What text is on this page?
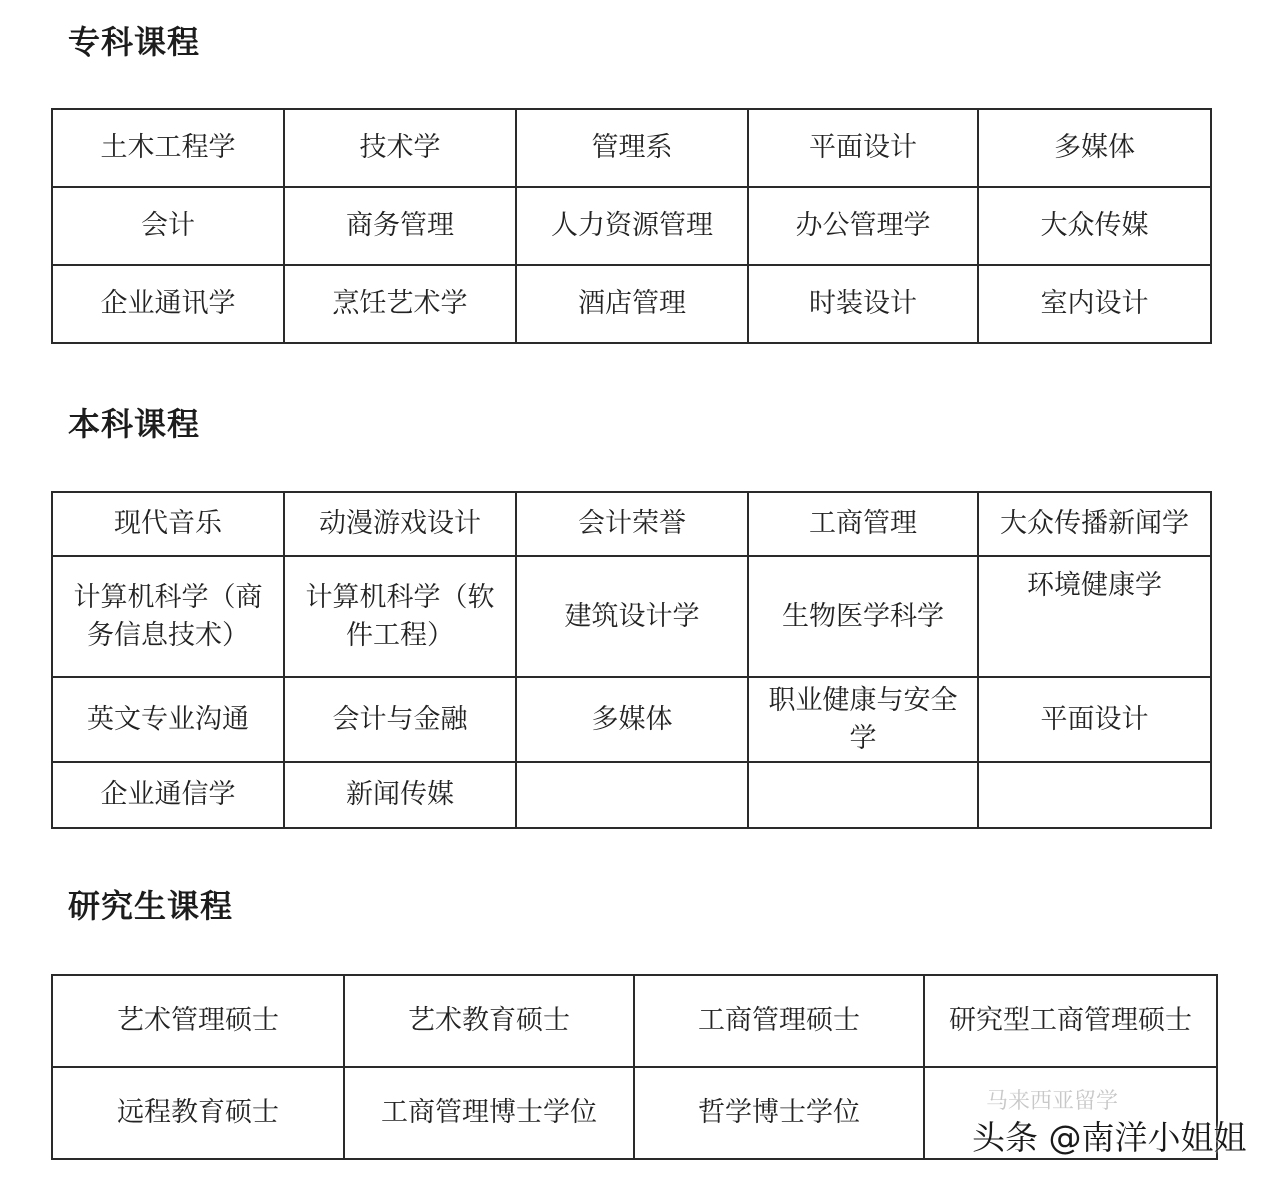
专科课程
土木工程学	技术学	管理系	平面设计	多媒体
会计	商务管理	人力资源管理	办公管理学	大众传媒
企业通讯学	烹饪艺术学	酒店管理	时装设计	室内设计
本科课程
现代音乐	动漫游戏设计	会计荣誉	工商管理	大众传播新闻学
计算机科学（商务信息技术）	计算机科学（软件工程）	建筑设计学	生物医学科学	环境健康学
英文专业沟通	会计与金融	多媒体	职业健康与安全学	平面设计
企业通信学	新闻传媒			
研究生课程
艺术管理硕士	艺术教育硕士	工商管理硕士	研究型工商管理硕士
远程教育硕士	工商管理博士学位	哲学博士学位		马来西亚留学
头条 @南洋小姐姐
